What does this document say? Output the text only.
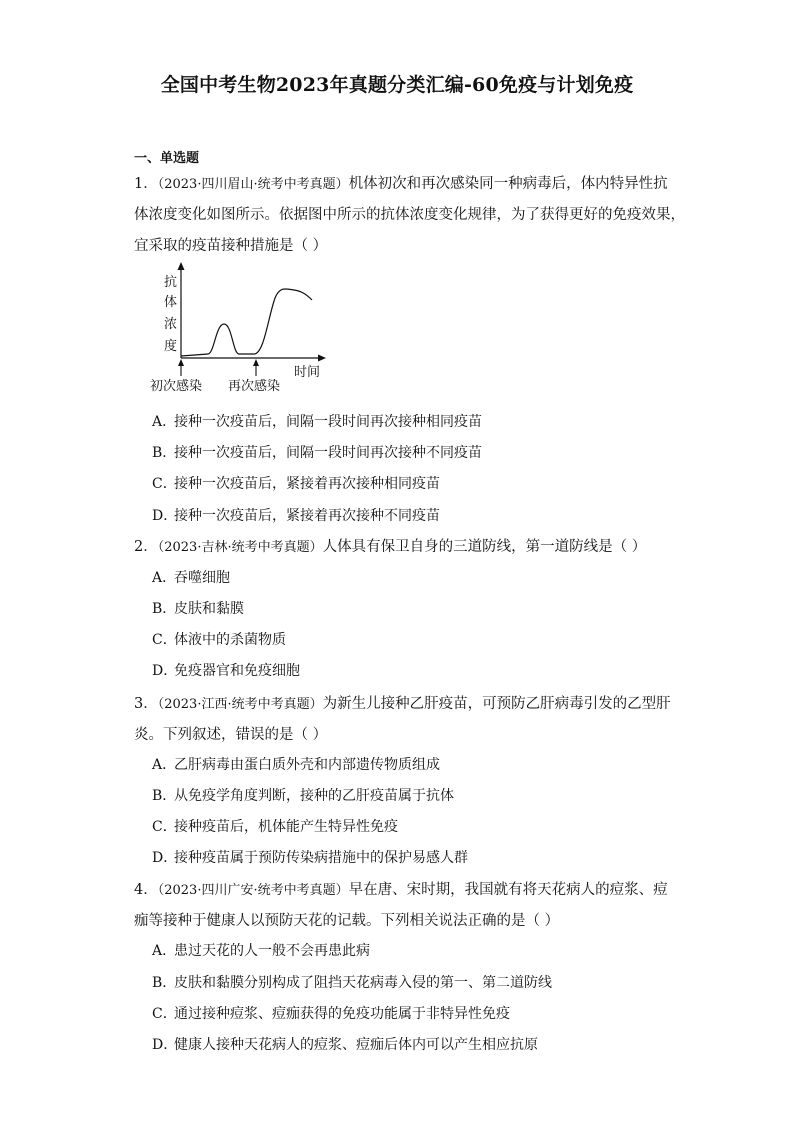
全国中考生物2023年真题分类汇编-60免疫与计划免疫
一、单选题
1．（2023·四川眉山·统考中考真题）机体初次和再次感染同一种病毒后，体内特异性抗
体浓度变化如图所示。依据图中所示的抗体浓度变化规律，为了获得更好的免疫效果，
宜采取的疫苗接种措施是（ ）
抗
体
浓
度
时间
初次感染 再次感染
A．接种一次疫苗后，间隔一段时间再次接种相同疫苗
B．接种一次疫苗后，间隔一段时间再次接种不同疫苗
C．接种一次疫苗后，紧接着再次接种相同疫苗
D．接种一次疫苗后，紧接着再次接种不同疫苗
2．（2023·吉林·统考中考真题）人体具有保卫自身的三道防线，第一道防线是（ ）
A．吞噬细胞
B．皮肤和黏膜
C．体液中的杀菌物质
D．免疫器官和免疫细胞
3．（2023·江西·统考中考真题）为新生儿接种乙肝疫苗，可预防乙肝病毒引发的乙型肝
炎。下列叙述，错误的是（ ）
A．乙肝病毒由蛋白质外壳和内部遗传物质组成
B．从免疫学角度判断，接种的乙肝疫苗属于抗体
C．接种疫苗后，机体能产生特异性免疫
D．接种疫苗属于预防传染病措施中的保护易感人群
4．（2023·四川广安·统考中考真题）早在唐、宋时期，我国就有将天花病人的痘浆、痘
痂等接种于健康人以预防天花的记载。下列相关说法正确的是（ ）
A．患过天花的人一般不会再患此病
B．皮肤和黏膜分别构成了阻挡天花病毒入侵的第一、第二道防线
C．通过接种痘浆、痘痂获得的免疫功能属于非特异性免疫
D．健康人接种天花病人的痘浆、痘痂后体内可以产生相应抗原
